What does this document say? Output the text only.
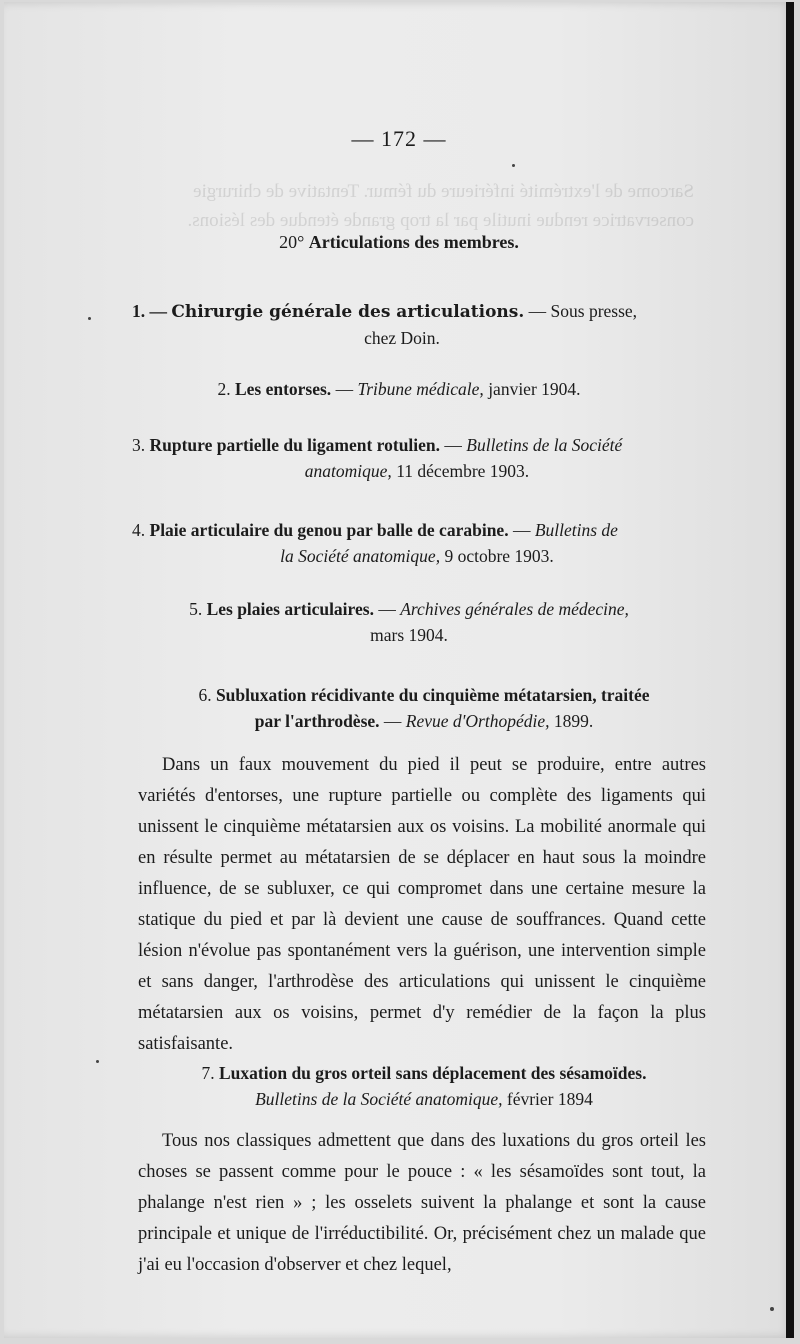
Sarcome de l'extrémité inférieure du fémur. Tentative de chirurgie conservatrice rendue inutile par la trop grande étendue des lésions.
— 172 —
20° Articulations des membres.
1. — Chirurgie générale des articulations. — Sous presse,
chez Doin.
2. Les entorses. — Tribune médicale, janvier 1904.
3. Rupture partielle du ligament rotulien. — Bulletins de la Société
anatomique, 11 décembre 1903.
4. Plaie articulaire du genou par balle de carabine. — Bulletins de
la Société anatomique, 9 octobre 1903.
5. Les plaies articulaires. — Archives générales de médecine,
mars 1904.
6. Subluxation récidivante du cinquième métatarsien, traitée
par l'arthrodèse. — Revue d'Orthopédie, 1899.
Dans un faux mouvement du pied il peut se produire, entre autres variétés d'entorses, une rupture partielle ou complète des ligaments qui unissent le cinquième métatarsien aux os voisins. La mobilité anormale qui en résulte permet au métatarsien de se déplacer en haut sous la moindre influence, de se subluxer, ce qui compromet dans une certaine mesure la statique du pied et par là devient une cause de souffrances. Quand cette lésion n'évolue pas spontanément vers la guérison, une intervention simple et sans danger, l'arthrodèse des articulations qui unissent le cinquième métatarsien aux os voisins, permet d'y remédier de la façon la plus satisfaisante.
7. Luxation du gros orteil sans déplacement des sésamoïdes.
Bulletins de la Société anatomique, février 1894
Tous nos classiques admettent que dans des luxations du gros orteil les choses se passent comme pour le pouce : « les sésamoïdes sont tout, la phalange n'est rien » ; les osselets suivent la phalange et sont la cause principale et unique de l'irréductibilité. Or, précisément chez un malade que j'ai eu l'occasion d'observer et chez lequel,
